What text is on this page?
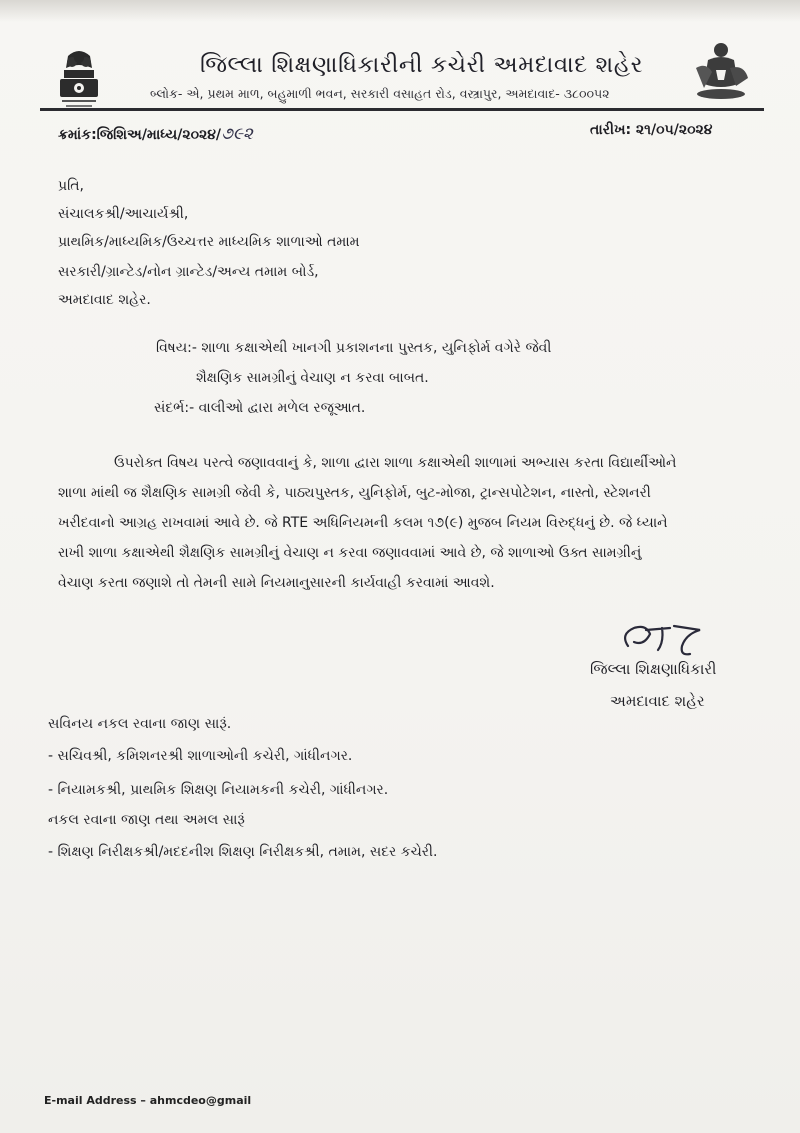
જિલ્લા શિક્ષણાધિકારીની કચેરી અમદાવાદ શહેર
બ્લોક- એ, પ્રથમ માળ, બહુમાળી ભવન, સરકારી વસાહત રોડ, વસ્ત્રાપુર, અમદાવાદ- ૩૮૦૦૫૨
ક્રમાંક:જિશિઅ/માધ્ય/૨૦૨૪/૭૯૨	તારીખ: ૨૧/૦૫/૨૦૨૪
પ્રતિ,
સંચાલકશ્રી/આચાર્યશ્રી,
પ્રાથમિક/માધ્યમિક/ઉચ્ચત્તર માધ્યમિક શાળાઓ તમામ
સરકારી/ગ્રાન્ટેડ/નોન ગ્રાન્ટેડ/અન્ય તમામ બોર્ડ,
અમદાવાદ શહેર.
વિષય:- શાળા કક્ષાએથી ખાનગી પ્રકાશનના પુસ્તક, યુનિફોર્મ વગેરે જેવી
શૈક્ષણિક સામગ્રીનું વેચાણ ન કરવા બાબત.
સંદર્ભ:- વાલીઓ દ્વારા મળેલ રજૂઆત.

ઉપરોક્ત વિષય પરત્વે જણાવવાનું કે, શાળા દ્વારા શાળા કક્ષાએથી શાળામાં અભ્યાસ કરતા વિદ્યાર્થીઓને

શાળા માંથી જ શૈક્ષણિક સામગ્રી જેવી કે, પાઠ્યપુસ્તક, યુનિફોર્મ, બુટ-મોજા, ટ્રાન્સપોટેશન, નાસ્તો, સ્ટેશનરી

ખરીદવાનો આગ્રહ રાખવામાં આવે છે. જે RTE અધિનિયમની કલમ ૧૭(૯) મુજબ નિયમ વિરુદ્ધનું છે. જે ધ્યાને

રાખી શાળા કક્ષાએથી શૈક્ષણિક સામગ્રીનું વેચાણ ન કરવા જણાવવામાં આવે છે, જે શાળાઓ ઉક્ત સામગ્રીનું

વેચાણ કરતા જણાશે તો તેમની સામે નિયમાનુસારની કાર્યવાહી કરવામાં આવશે.

જિલ્લા શિક્ષણાધિકારી
અમદાવાદ શહેર
સવિનય નકલ રવાના જાણ સારૂં.
- સચિવશ્રી, કમિશનરશ્રી શાળાઓની કચેરી, ગાંધીનગર.
- નિયામકશ્રી, પ્રાથમિક શિક્ષણ નિયામકની કચેરી, ગાંધીનગર.
નકલ રવાના જાણ તથા અમલ સારૂં
- શિક્ષણ નિરીક્ષકશ્રી/મદદનીશ શિક્ષણ નિરીક્ષકશ્રી, તમામ, સદર કચેરી.
E-mail Address – ahmcdeo@gmail
